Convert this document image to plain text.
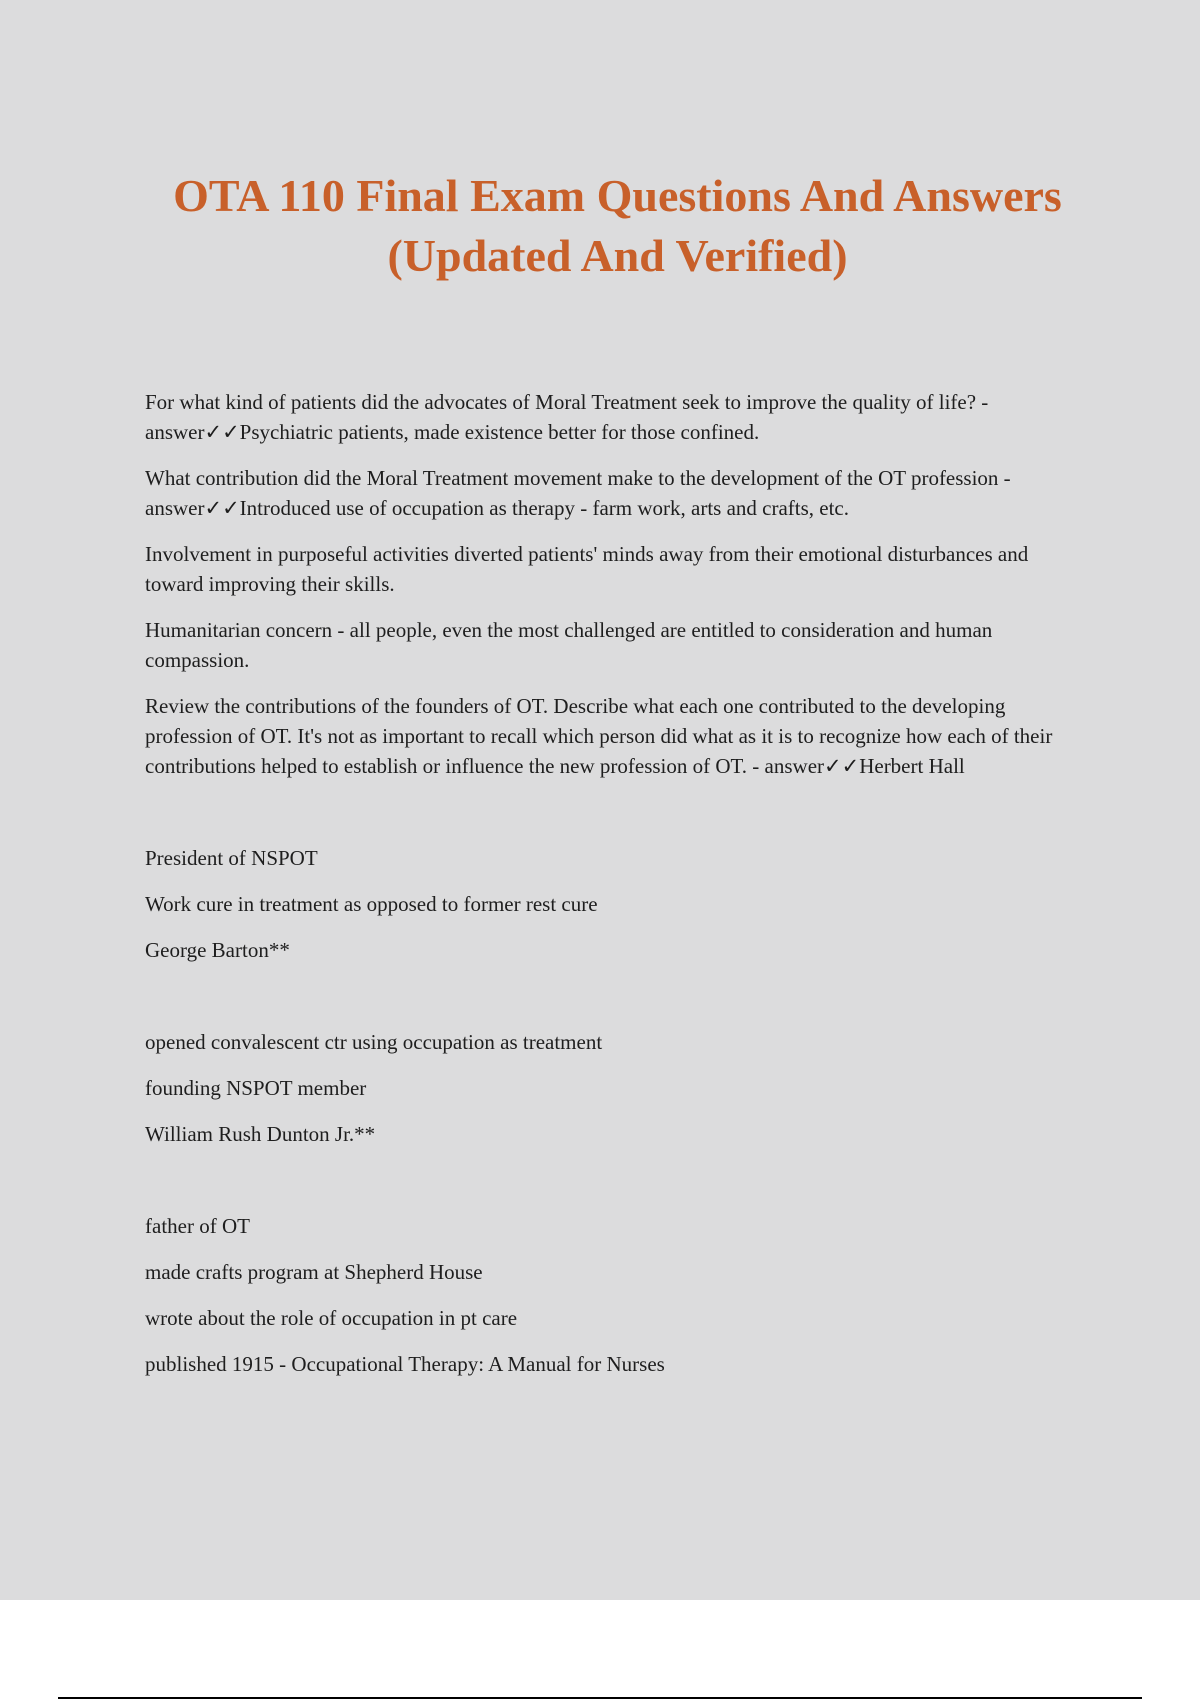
OTA 110 Final Exam Questions And Answers (Updated And Verified)

For what kind of patients did the advocates of Moral Treatment seek to improve the quality of life? - answer✓✓Psychiatric patients, made existence better for those confined.

What contribution did the Moral Treatment movement make to the development of the OT profession - answer✓✓Introduced use of occupation as therapy - farm work, arts and crafts, etc.

Involvement in purposeful activities diverted patients' minds away from their emotional disturbances and toward improving their skills.

Humanitarian concern - all people, even the most challenged are entitled to consideration and human compassion.

Review the contributions of the founders of OT. Describe what each one contributed to the developing profession of OT. It's not as important to recall which person did what as it is to recognize how each of their contributions helped to establish or influence the new profession of OT. - answer✓✓Herbert Hall

President of NSPOT

Work cure in treatment as opposed to former rest cure

George Barton**

opened convalescent ctr using occupation as treatment

founding NSPOT member

William Rush Dunton Jr.**

father of OT

made crafts program at Shepherd House

wrote about the role of occupation in pt care

published 1915 - Occupational Therapy: A Manual for Nurses
